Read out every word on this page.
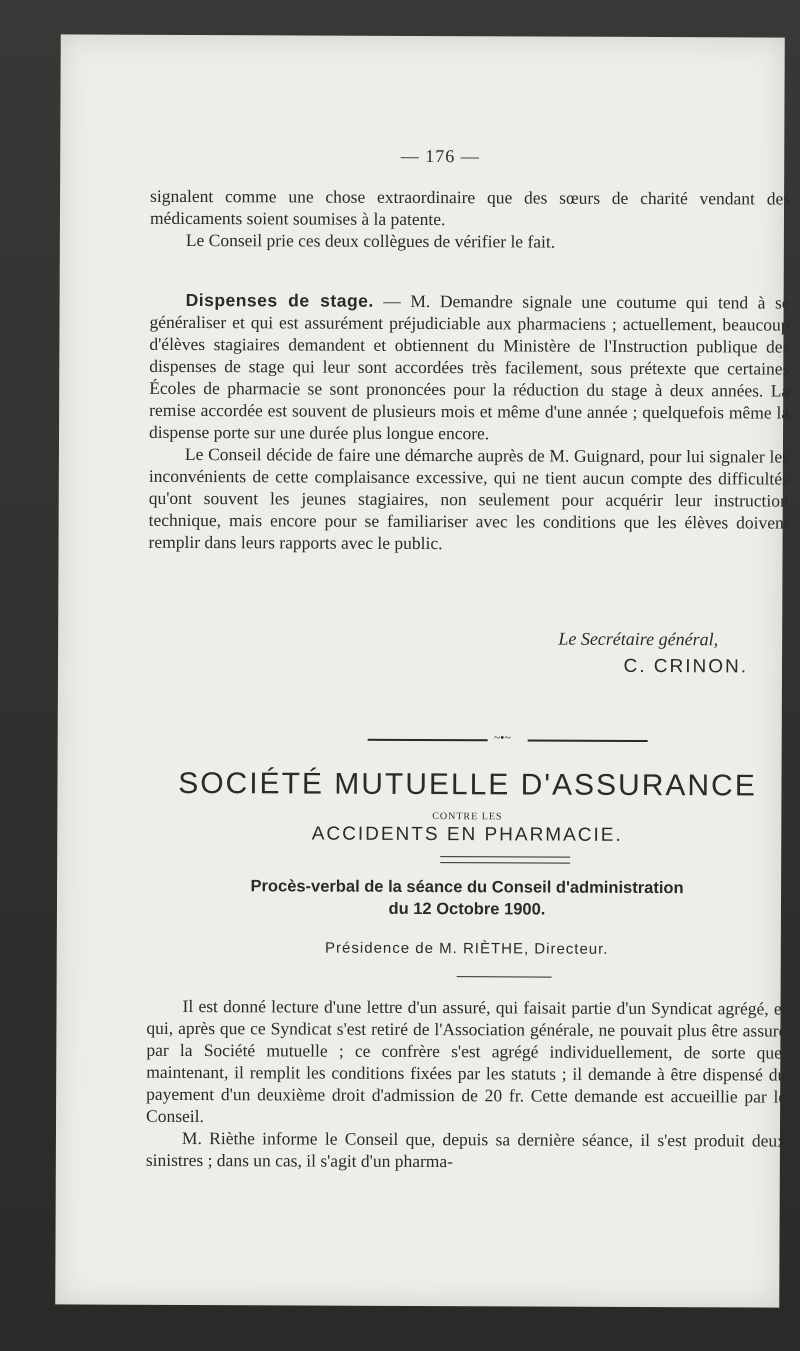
— 176 —

signalent comme une chose extraordinaire que des sœurs de charité vendant des médicaments soient soumises à la patente.

Le Conseil prie ces deux collègues de vérifier le fait.

Dispenses de stage. — M. Demandre signale une coutume qui tend à se généraliser et qui est assurément préjudiciable aux pharmaciens ; actuellement, beaucoup d'élèves stagiaires demandent et obtiennent du Ministère de l'Instruction publique des dispenses de stage qui leur sont accordées très facilement, sous prétexte que certaines Écoles de pharmacie se sont prononcées pour la réduction du stage à deux années. La remise accordée est souvent de plusieurs mois et même d'une année ; quelquefois même la dispense porte sur une durée plus longue encore.

Le Conseil décide de faire une démarche auprès de M. Guignard, pour lui signaler les inconvénients de cette complaisance excessive, qui ne tient aucun compte des difficultés qu'ont souvent les jeunes stagiaires, non seulement pour acquérir leur instruction technique, mais encore pour se familiariser avec les conditions que les élèves doivent remplir dans leurs rapports avec le public.

Le Secrétaire général,
C. CRINON.
~•~
SOCIÉTÉ MUTUELLE D'ASSURANCE
CONTRE LES
ACCIDENTS EN PHARMACIE.
Procès-verbal de la séance du Conseil d'administration
du 12 Octobre 1900.
Présidence de M. RIÈTHE, Directeur.

Il est donné lecture d'une lettre d'un assuré, qui faisait partie d'un Syndicat agrégé, et qui, après que ce Syndicat s'est retiré de l'Association générale, ne pouvait plus être assuré par la Société mutuelle ; ce confrère s'est agrégé individuellement, de sorte que, maintenant, il remplit les conditions fixées par les statuts ; il demande à être dispensé du payement d'un deuxième droit d'admission de 20 fr. Cette demande est accueillie par le Conseil.

M. Rièthe informe le Conseil que, depuis sa dernière séance, il s'est produit deux sinistres ; dans un cas, il s'agit d'un pharma-
